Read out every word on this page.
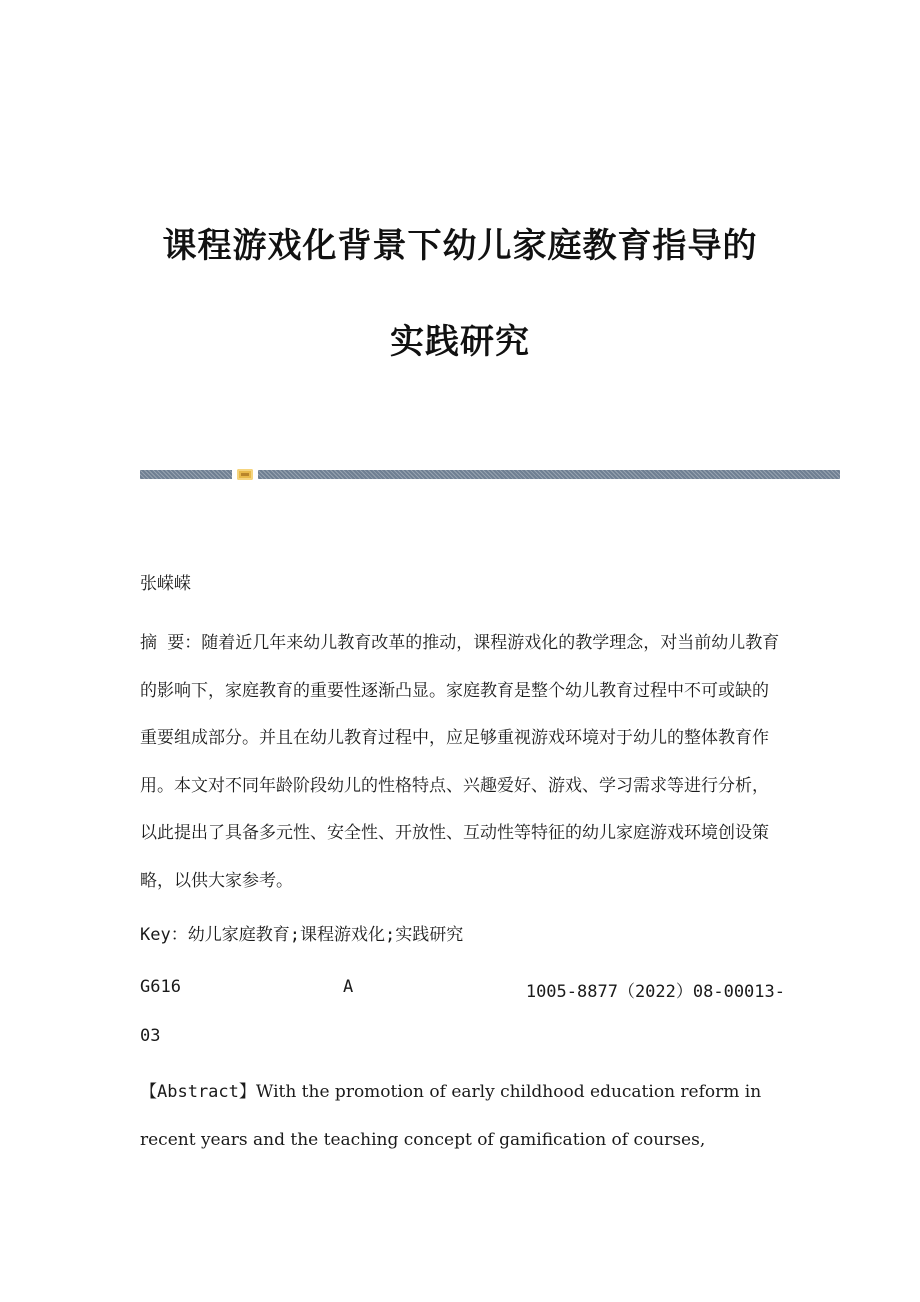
课程游戏化背景下幼儿家庭教育指导的
实践研究
张嵘嵘
摘 要：随着近几年来幼儿教育改革的推动，课程游戏化的教学理念，对当前幼儿教育的影响下，家庭教育的重要性逐渐凸显。家庭教育是整个幼儿教育过程中不可或缺的重要组成部分。并且在幼儿教育过程中，应足够重视游戏环境对于幼儿的整体教育作用。本文对不同年龄阶段幼儿的性格特点、兴趣爱好、游戏、学习需求等进行分析，以此提出了具备多元性、安全性、开放性、互动性等特征的幼儿家庭游戏环境创设策略，以供大家参考。
Key：幼儿家庭教育;课程游戏化;实践研究
G616	A	1005-8877（2022）08-00013-
03
【Abstract】With the promotion of early childhood education reform in recent years and the teaching concept of gamification of courses,
